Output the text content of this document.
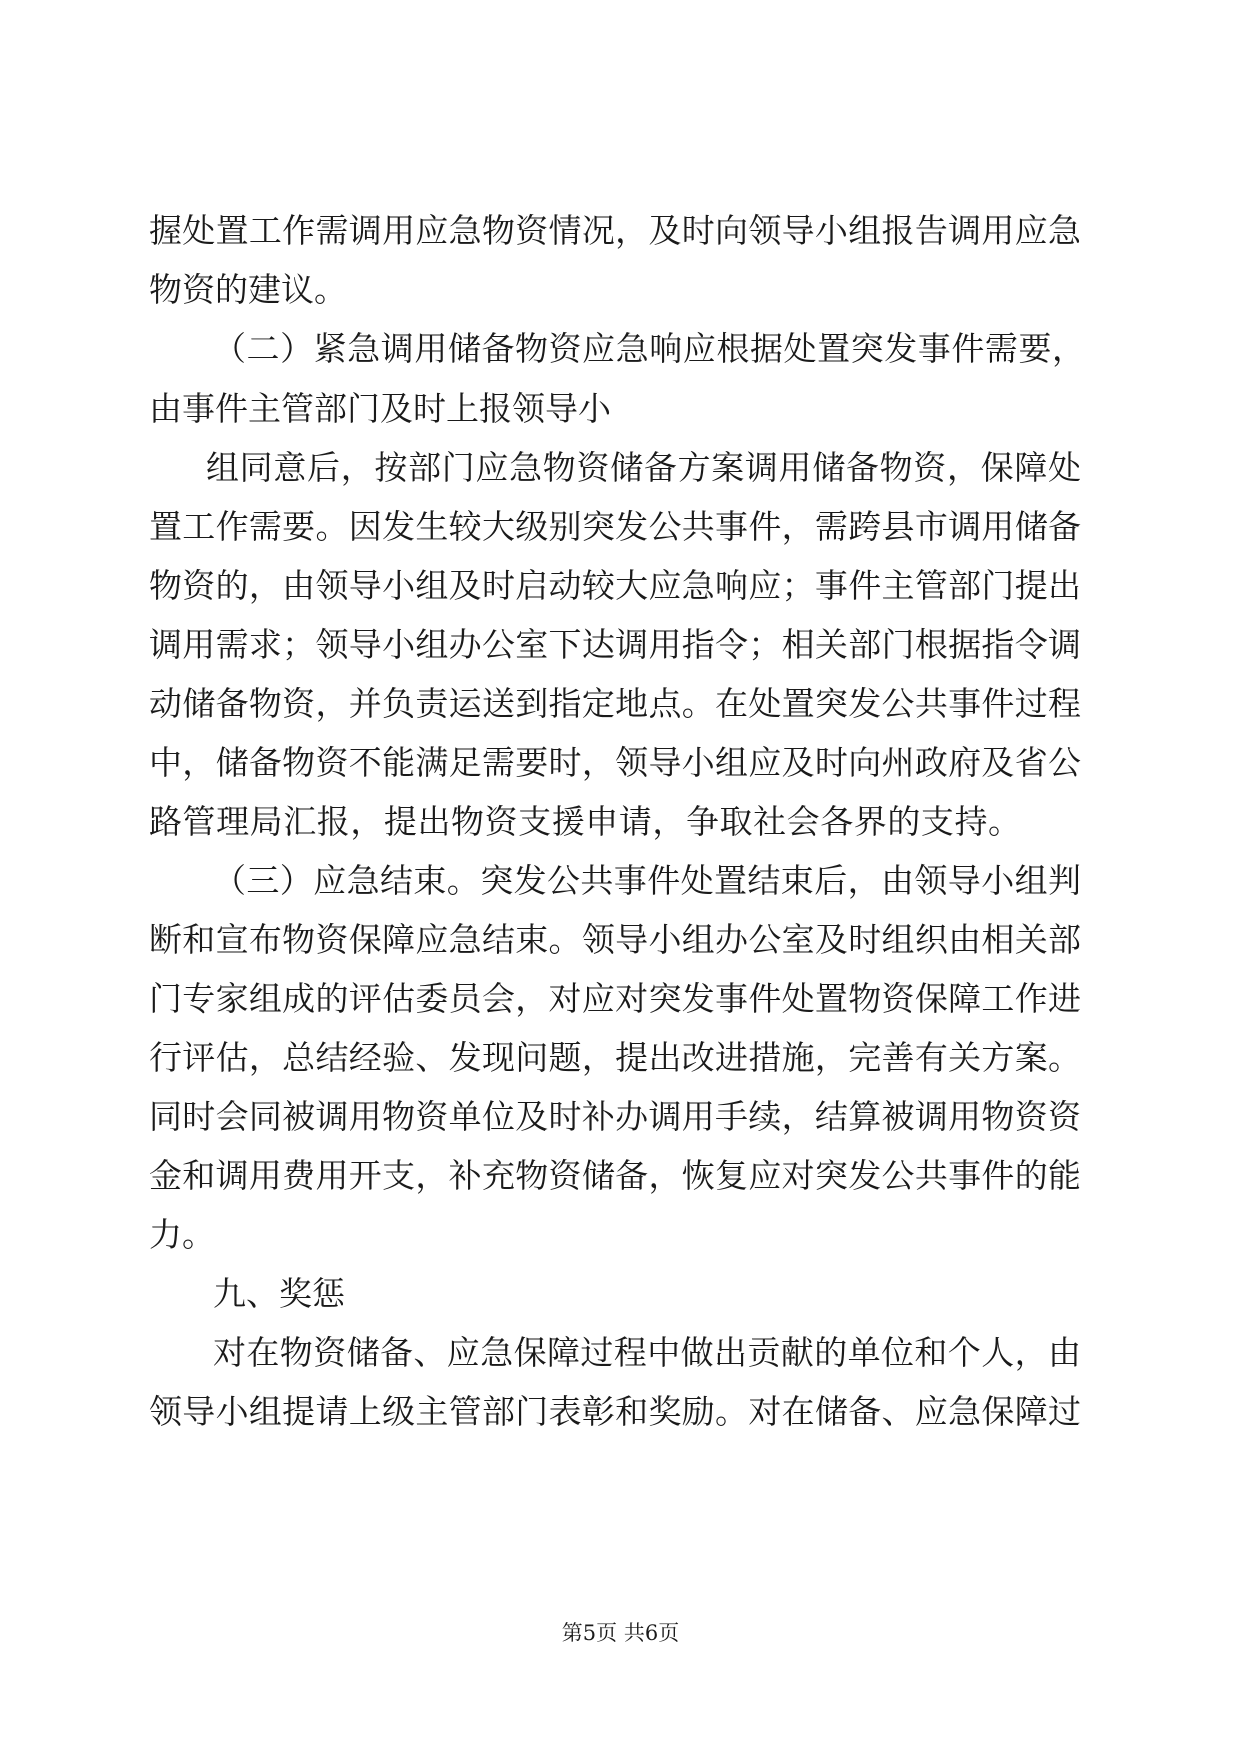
握处置工作需调用应急物资情况，及时向领导小组报告调用应急
物资的建议。
（二）紧急调用储备物资应急响应根据处置突发事件需要，
由事件主管部门及时上报领导小
组同意后，按部门应急物资储备方案调用储备物资，保障处
置工作需要。因发生较大级别突发公共事件，需跨县市调用储备
物资的，由领导小组及时启动较大应急响应；事件主管部门提出
调用需求；领导小组办公室下达调用指令；相关部门根据指令调
动储备物资，并负责运送到指定地点。在处置突发公共事件过程
中，储备物资不能满足需要时，领导小组应及时向州政府及省公
路管理局汇报，提出物资支援申请，争取社会各界的支持。
（三）应急结束。突发公共事件处置结束后，由领导小组判
断和宣布物资保障应急结束。领导小组办公室及时组织由相关部
门专家组成的评估委员会，对应对突发事件处置物资保障工作进
行评估，总结经验、发现问题，提出改进措施，完善有关方案。
同时会同被调用物资单位及时补办调用手续，结算被调用物资资
金和调用费用开支，补充物资储备，恢复应对突发公共事件的能
力。
九、奖惩
对在物资储备、应急保障过程中做出贡献的单位和个人，由
领导小组提请上级主管部门表彰和奖励。对在储备、应急保障过
第5页 共6页
